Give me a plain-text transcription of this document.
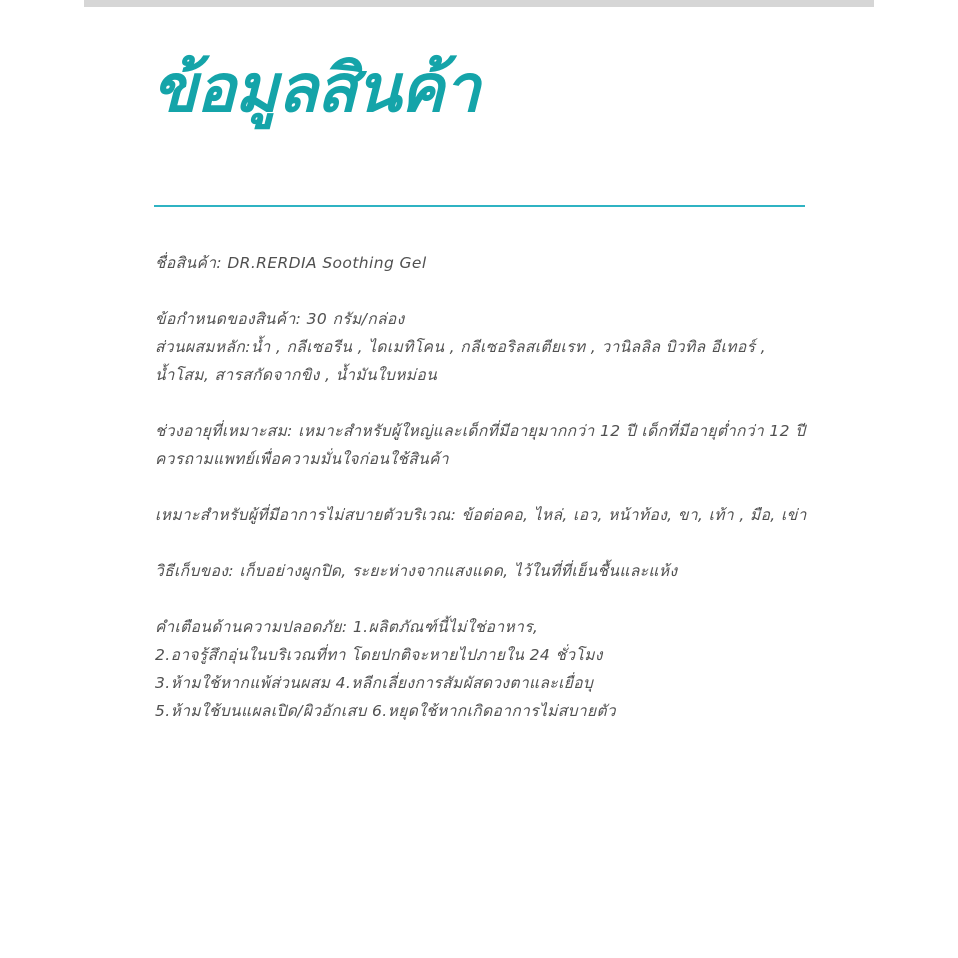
ข้อมูลสินค้า
ชื่อสินค้า: DR.RERDIA Soothing Gel
ข้อกำหนดของสินค้า: 30 กรัม/กล่อง
ส่วนผสมหลัก:น้ำ , กลีเซอรีน , ไดเมทิโคน , กลีเซอริลสเตียเรท , วานิลลิล บิวทิล อีเทอร์ , น้ำโสม, สารสกัดจากขิง , น้ำมันใบหม่อน
ช่วงอายุที่เหมาะสม: เหมาะสำหรับผู้ใหญ่และเด็กที่มีอายุมากกว่า 12 ปี เด็กที่มีอายุต่ำกว่า 12 ปี ควรถามแพทย์เพื่อความมั่นใจก่อนใช้สินค้า
เหมาะสำหรับผู้ที่มีอาการไม่สบายตัวบริเวณ: ข้อต่อคอ, ไหล่, เอว, หน้าท้อง, ขา, เท้า , มือ, เข่า
วิธีเก็บของ: เก็บอย่างผูกปิด, ระยะห่างจากแสงแดด, ไว้ในที่ที่เย็นชื้นและแห้ง
คำเตือนด้านความปลอดภัย: 1.ผลิตภัณฑ์นี้ไม่ใช่อาหาร,
2.อาจรู้สึกอุ่นในบริเวณที่ทา โดยปกติจะหายไปภายใน 24 ชั่วโมง
3.ห้ามใช้หากแพ้ส่วนผสม 4.หลีกเลี่ยงการสัมผัสดวงตาและเยื่อบุ
5.ห้ามใช้บนแผลเปิด/ผิวอักเสบ 6.หยุดใช้หากเกิดอาการไม่สบายตัว
